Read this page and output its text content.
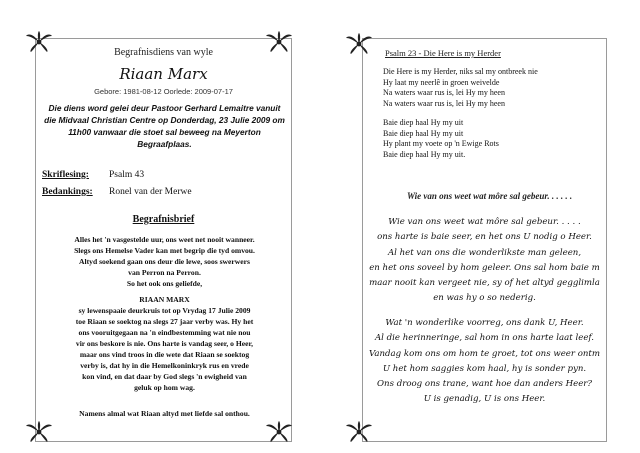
Begrafnisdiens van wyle
Riaan Marx
Gebore: 1981-08-12 Oorlede: 2009-07-17
Die diens word gelei deur Pastoor Gerhard Lemaitre vanuit die Midvaal Christian Centre op Donderdag, 23 Julie 2009 om 11h00 vanwaar die stoet sal beweeg na Meyerton Begraafplaas.
Skriflesing: Psalm 43
Bedankings: Ronel van der Merwe
Begrafnisbrief
Alles het 'n vasgestelde uur, ons weet net nooit wanneer.
Slegs ons Hemelse Vader kan met begrip die tyd omvou.
Altyd soekend gaan ons deur die lewe, soos swerwers
van Perron na Perron.
So het ook ons geliefde,
RIAAN MARX
sy lewenspaaie deurkruis tot op Vrydag 17 Julie 2009
toe Riaan se soektog na slegs 27 jaar verby was. Hy het
ons vooruitgegaan na 'n eindbestemming wat nie nou
vir ons beskore is nie. Ons harte is vandag seer, o Heer,
maar ons vind troos in die wete dat Riaan se soektog
verby is, dat hy in die Hemelkoninkryk rus en vrede
kon vind, en dat daar by God slegs 'n ewigheid van
geluk op hom wag.
Namens almal wat Riaan altyd met liefde sal onthou.
Psalm 23 - Die Here is my Herder
Die Here is my Herder, niks sal my ontbreek nie
Hy laat my neerlê in groen weivelde
Na waters waar rus is, lei Hy my heen
Na waters waar rus is, lei Hy my heen
Baie diep haal Hy my uit
Baie diep haal Hy my uit
Hy plant my voete op 'n Ewige Rots
Baie diep haal Hy my uit.
Wie van ons weet wat môre sal gebeur. . . . . .
Wie van ons weet wat môre sal gebeur. . . . .
ons harte is baie seer, en het ons U nodig o Heer.
Al het van ons die wonderlikste man geleen,
en het ons soveel by hom geleer. Ons sal hom baie m
maar nooit kan vergeet nie, sy of het altyd gegglimla
en was hy o so nederig.
Wat 'n wonderlike voorreg, ons dank U, Heer.
Al die herinneringe, sal hom in ons harte laat leef.
Vandag kom ons om hom te groet, tot ons weer ontm
U het hom saggies kom haal, hy is sonder pyn.
Ons droog ons trane, want hoe dan anders Heer?
U is genadig, U is ons Heer.
